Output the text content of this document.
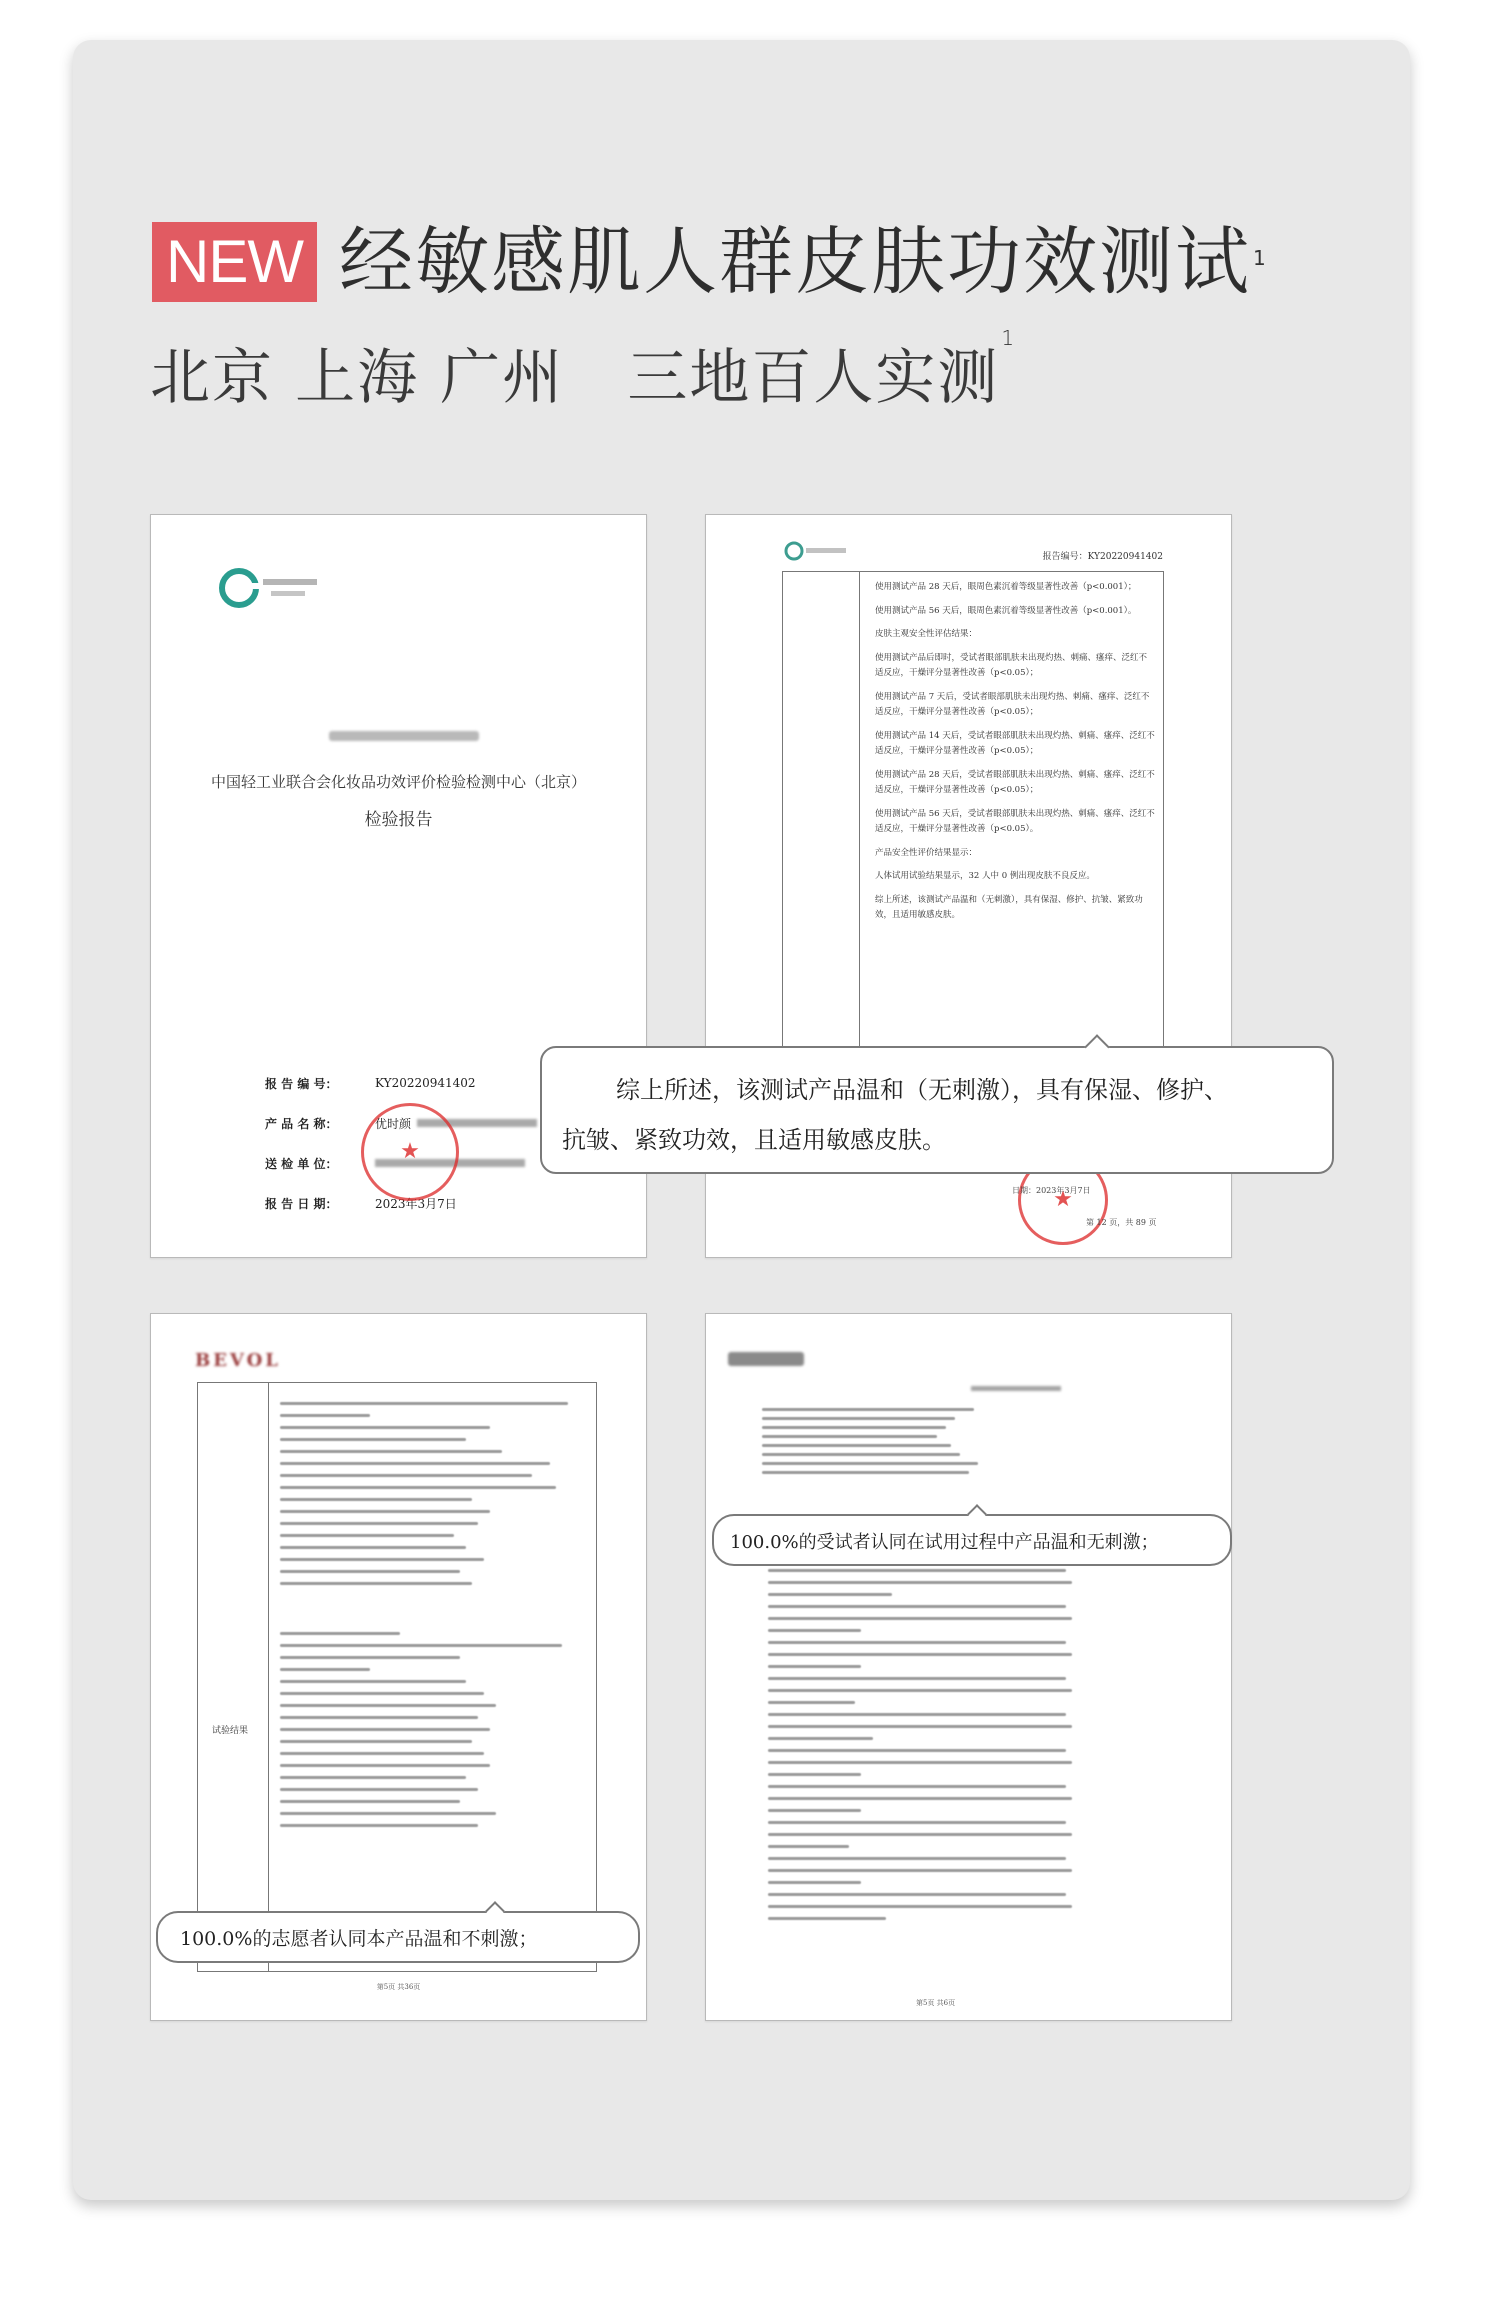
NEW 经敏感肌人群皮肤功效测试 $^1$
北京 上海 广州   三地百人实测$^1$
中国轻工业联合会化妆品功效评价检验检测中心（北京）
检验报告
报 告 编 号：	KY20220941402
产 品 名 称：	优时颜
送 检 单 位：
报 告 日 期：	2023年3月7日
★
报告编号：KY20220941402
使用测试产品 28 天后，眼周色素沉着等级显著性改善（p<0.001）；
使用测试产品 56 天后，眼周色素沉着等级显著性改善（p<0.001）。
皮肤主观安全性评估结果：
使用测试产品后即时，受试者眼部肌肤未出现灼热、刺痛、瘙痒、泛红不适反应，干燥评分显著性改善（p<0.05）；
使用测试产品 7 天后，受试者眼部肌肤未出现灼热、刺痛、瘙痒、泛红不适反应，干燥评分显著性改善（p<0.05）；
使用测试产品 14 天后，受试者眼部肌肤未出现灼热、刺痛、瘙痒、泛红不适反应，干燥评分显著性改善（p<0.05）；
使用测试产品 28 天后，受试者眼部肌肤未出现灼热、刺痛、瘙痒、泛红不适反应，干燥评分显著性改善（p<0.05）；
使用测试产品 56 天后，受试者眼部肌肤未出现灼热、刺痛、瘙痒、泛红不适反应，干燥评分显著性改善（p<0.05）。
产品安全性评价结果显示：
人体试用试验结果显示，32 人中 0 例出现皮肤不良反应。
综上所述，该测试产品温和（无刺激），具有保湿、修护、抗皱、紧致功效，且适用敏感皮肤。
★
日期：2023年3月7日
第 12 页，共 89 页
综上所述，该测试产品温和（无刺激），具有保湿、修护、
抗皱、紧致功效，且适用敏感皮肤。
BEVOL
试验结果
第5页 共36页
100.0%的志愿者认同本产品温和不刺激；
第5页 共6页
100.0%的受试者认同在试用过程中产品温和无刺激；
